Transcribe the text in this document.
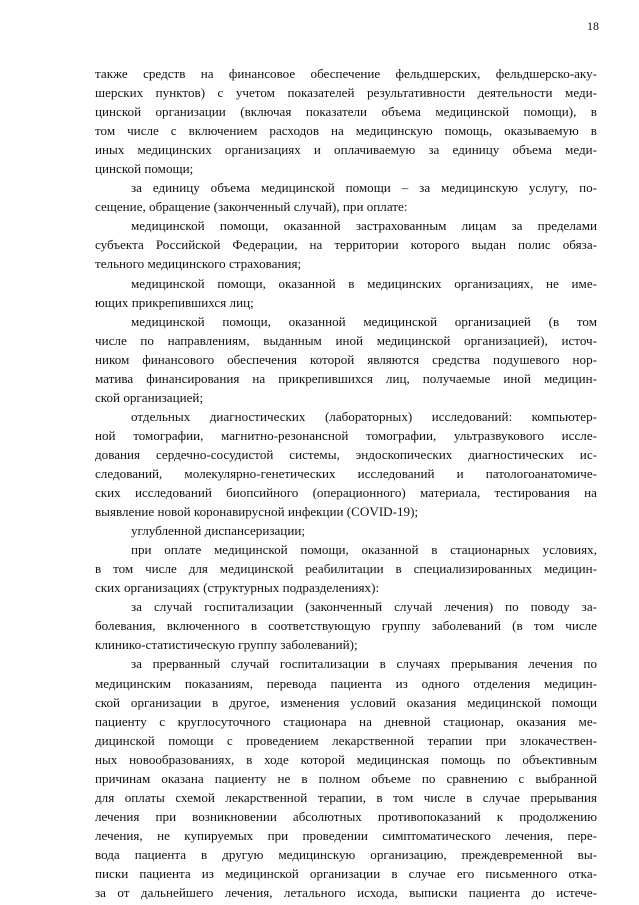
18
также средств на финансовое обеспечение фельдшерских, фельдшерско-аку-
шерских пунктов) с учетом показателей результативности деятельности меди-
цинской организации (включая показатели объема медицинской помощи), в
том числе с включением расходов на медицинскую помощь, оказываемую в
иных медицинских организациях и оплачиваемую за единицу объема меди-
цинской помощи;
за единицу объема медицинской помощи – за медицинскую услугу, по-
сещение, обращение (законченный случай), при оплате:
медицинской помощи, оказанной застрахованным лицам за пределами
субъекта Российской Федерации, на территории которого выдан полис обяза-
тельного медицинского страхования;
медицинской помощи, оказанной в медицинских организациях, не име-
ющих прикрепившихся лиц;
медицинской помощи, оказанной медицинской организацией (в том
числе по направлениям, выданным иной медицинской организацией), источ-
ником финансового обеспечения которой являются средства подушевого нор-
матива финансирования на прикрепившихся лиц, получаемые иной медицин-
ской организацией;
отдельных диагностических (лабораторных) исследований: компьютер-
ной томографии, магнитно-резонансной томографии, ультразвукового иссле-
дования сердечно-сосудистой системы, эндоскопических диагностических ис-
следований, молекулярно-генетических исследований и патологоанатомиче-
ских исследований биопсийного (операционного) материала, тестирования на
выявление новой коронавирусной инфекции (COVID-19);
углубленной диспансеризации;
при оплате медицинской помощи, оказанной в стационарных условиях,
в том числе для медицинской реабилитации в специализированных медицин-
ских организациях (структурных подразделениях):
за случай госпитализации (законченный случай лечения) по поводу за-
болевания, включенного в соответствующую группу заболеваний (в том числе
клинико-статистическую группу заболеваний);
за прерванный случай госпитализации в случаях прерывания лечения по
медицинским показаниям, перевода пациента из одного отделения медицин-
ской организации в другое, изменения условий оказания медицинской помощи
пациенту с круглосуточного стационара на дневной стационар, оказания ме-
дицинской помощи с проведением лекарственной терапии при злокачествен-
ных новообразованиях, в ходе которой медицинская помощь по объективным
причинам оказана пациенту не в полном объеме по сравнению с выбранной
для оплаты схемой лекарственной терапии, в том числе в случае прерывания
лечения при возникновении абсолютных противопоказаний к продолжению
лечения, не купируемых при проведении симптоматического лечения, пере-
вода пациента в другую медицинскую организацию, преждевременной вы-
писки пациента из медицинской организации в случае его письменного отка-
за от дальнейшего лечения, летального исхода, выписки пациента до истече-
